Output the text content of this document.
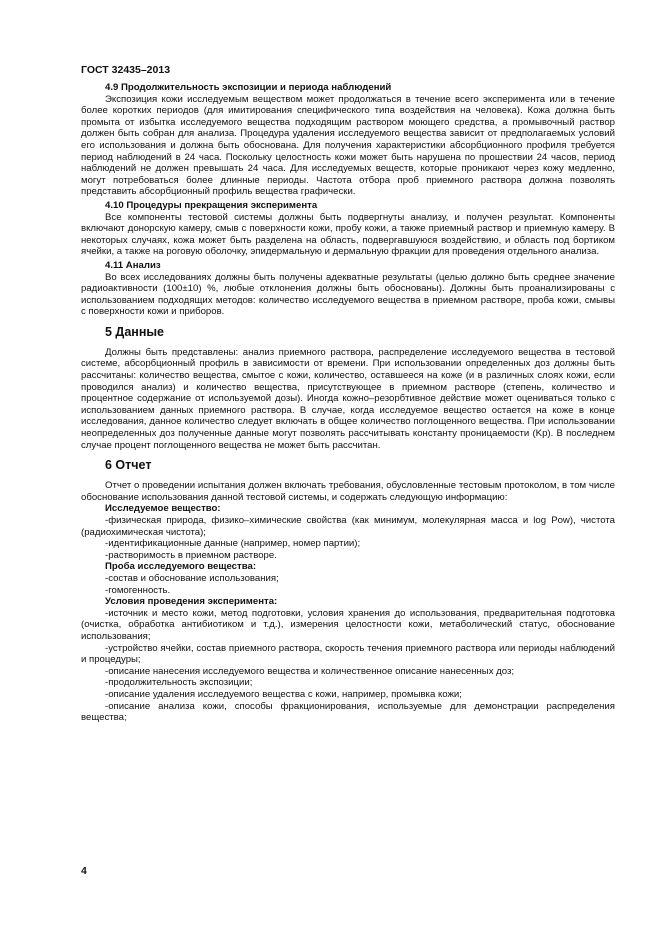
ГОСТ 32435–2013
4.9 Продолжительность экспозиции и периода наблюдений

Экспозиция кожи исследуемым веществом может продолжаться в течение всего эксперимента или в течение более коротких периодов (для имитирования специфического типа воздействия на человека). Кожа должна быть промыта от избытка исследуемого вещества подходящим раствором моющего средства, а промывочный раствор должен быть собран для анализа. Процедура удаления исследуемого вещества зависит от предполагаемых условий его использования и должна быть обоснована. Для получения характеристики абсорбционного профиля требуется период наблюдений в 24 часа. Поскольку целостность кожи может быть нарушена по прошествии 24 часов, период наблюдений не должен превышать 24 часа. Для исследуемых веществ, которые проникают через кожу медленно, могут потребоваться более длинные периоды. Частота отбора проб приемного раствора должна позволять представить абсорбционный профиль вещества графически.

4.10 Процедуры прекращения эксперимента

Все компоненты тестовой системы должны быть подвергнуты анализу, и получен результат. Компоненты включают донорскую камеру, смыв с поверхности кожи, пробу кожи, а также приемный раствор и приемную камеру. В некоторых случаях, кожа может быть разделена на область, подвергавшуюся воздействию, и область под бортиком ячейки, а также на роговую оболочку, эпидермальную и дермальную фракции для проведения отдельного анализа.

4.11 Анализ

Во всех исследованиях должны быть получены адекватные результаты (целью должно быть среднее значение радиоактивности (100±10) %, любые отклонения должны быть обоснованы). Должны быть проанализированы с использованием подходящих методов: количество исследуемого вещества в приемном растворе, проба кожи, смывы с поверхности кожи и приборов.

5 Данные

Должны быть представлены: анализ приемного раствора, распределение исследуемого вещества в тестовой системе, абсорбционный профиль в зависимости от времени. При использовании определенных доз должны быть рассчитаны: количество вещества, смытое с кожи, количество, оставшееся на коже (и в различных слоях кожи, если проводился анализ) и количество вещества, присутствующее в приемном растворе (степень, количество и процентное содержание от используемой дозы). Иногда кожно–резорбтивное действие может оцениваться только с использованием данных приемного раствора. В случае, когда исследуемое вещество остается на коже в конце исследования, данное количество следует включать в общее количество поглощенного вещества. При использовании неопределенных доз полученные данные могут позволять рассчитывать константу проницаемости (Kp). В последнем случае процент поглощенного вещества не может быть рассчитан.

6 Отчет

Отчет о проведении испытания должен включать требования, обусловленные тестовым протоколом, в том числе обоснование использования данной тестовой системы, и содержать следующую информацию:

Исследуемое вещество:

-физическая природа, физико–химические свойства (как минимум, молекулярная масса и log Pow), чистота (радиохимическая чистота);

-идентификационные данные (например, номер партии);

-растворимость в приемном растворе.

Проба исследуемого вещества:

-состав и обоснование использования;

-гомогенность.

Условия проведения эксперимента:

-источник и место кожи, метод подготовки, условия хранения до использования, предварительная подготовка (очистка, обработка антибиотиком и т.д.), измерения целостности кожи, метаболический статус, обоснование использования;

-устройство ячейки, состав приемного раствора, скорость течения приемного раствора или периоды наблюдений и процедуры;

-описание нанесения исследуемого вещества и количественное описание нанесенных доз;

-продолжительность экспозиции;

-описание удаления исследуемого вещества с кожи, например, промывка кожи;

-описание анализа кожи, способы фракционирования, используемые для демонстрации распределения вещества;

4
